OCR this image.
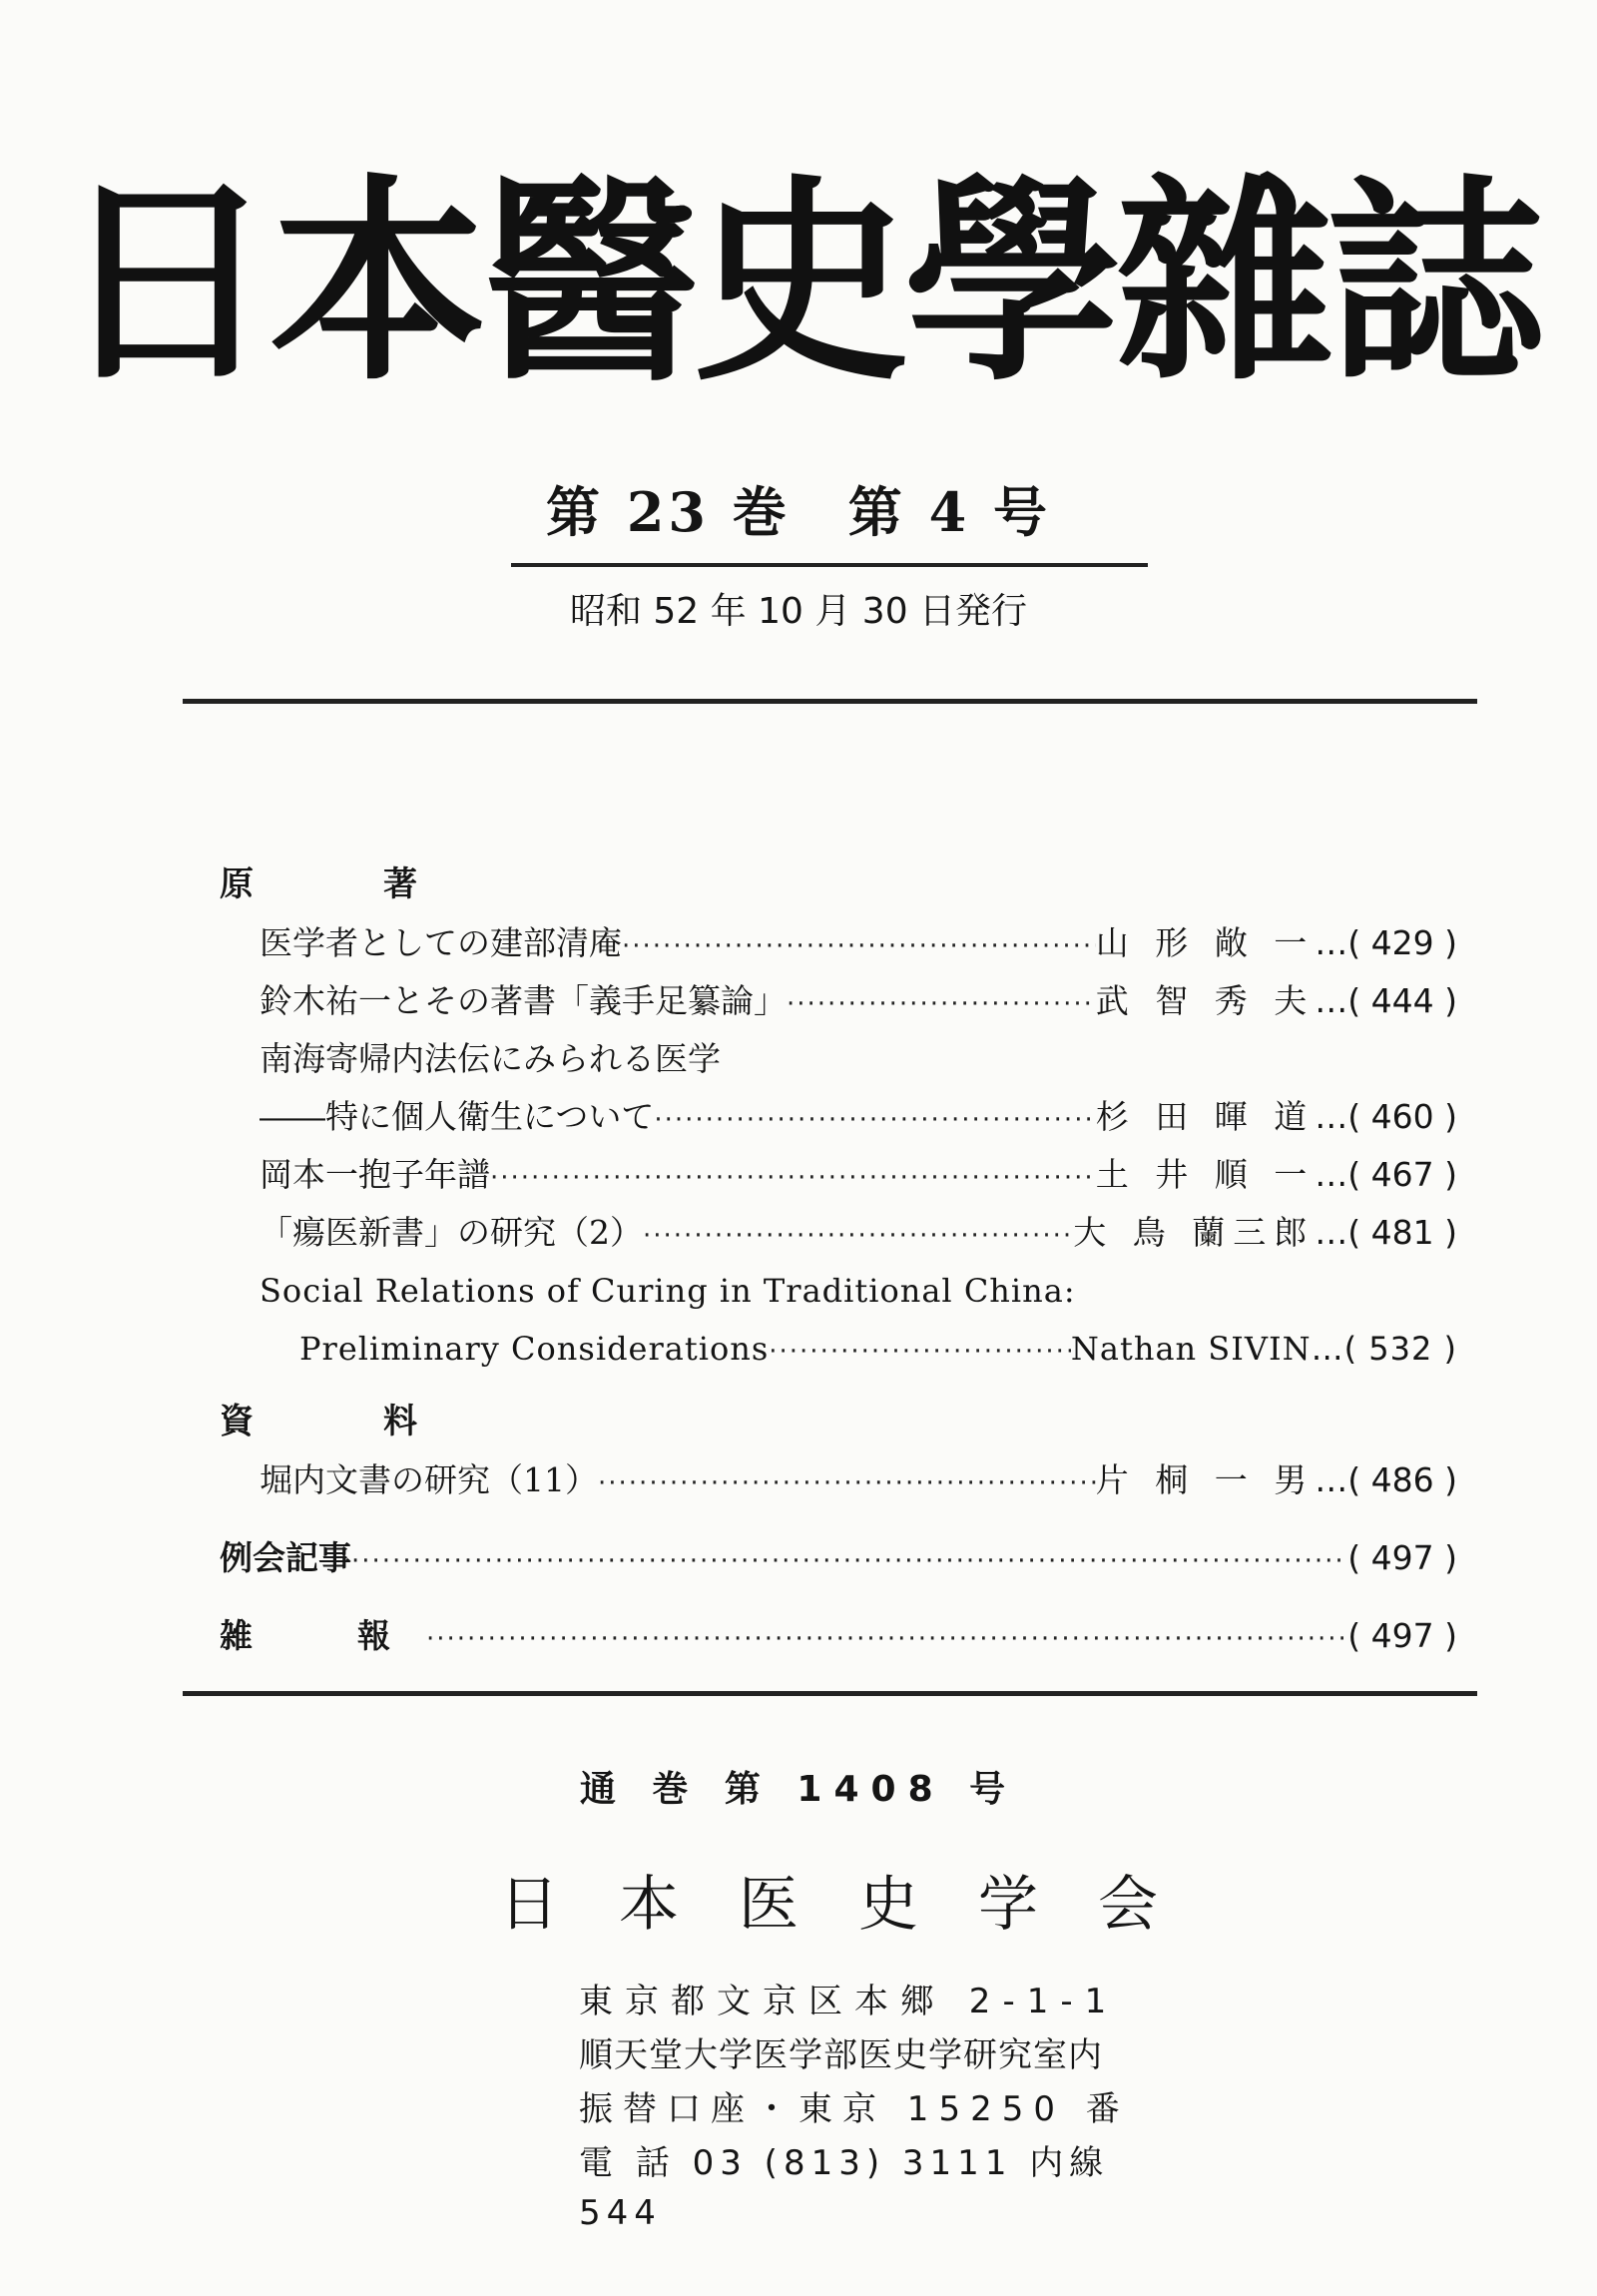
日本醫史學雜誌
第 23 巻　第 4 号
昭和 52 年 10 月 30 日発行
原　著
医学者としての建部清庵 ·····	山 形 敞 一 …( 429 )
鈴木祐一とその著書「義手足纂論」 ·····	武 智 秀 夫 …( 444 )
南海寄帰内法伝にみられる医学
――特に個人衛生について ·····	杉 田 暉 道 …( 460 )
岡本一抱子年譜 ·····	土 井 順 一 …( 467 )
「瘍医新書」の研究（2） ·····	大 鳥 蘭三郎 …( 481 )
Social Relations of Curing in Traditional China:
Preliminary Considerations ·····	Nathan SIVIN …( 532 )
資　料
堀内文書の研究（11） ·····	片 桐 一 男 …( 486 )
例会記事 ·····	( 497 )
雑　報 ·····	( 497 )
通 巻 第 1408 号
日本医史学会
東京都文京区本郷 2-1-1
順天堂大学医学部医史学研究室内
振替口座・東京 15250 番
電 話 03 (813) 3111 内線 544
